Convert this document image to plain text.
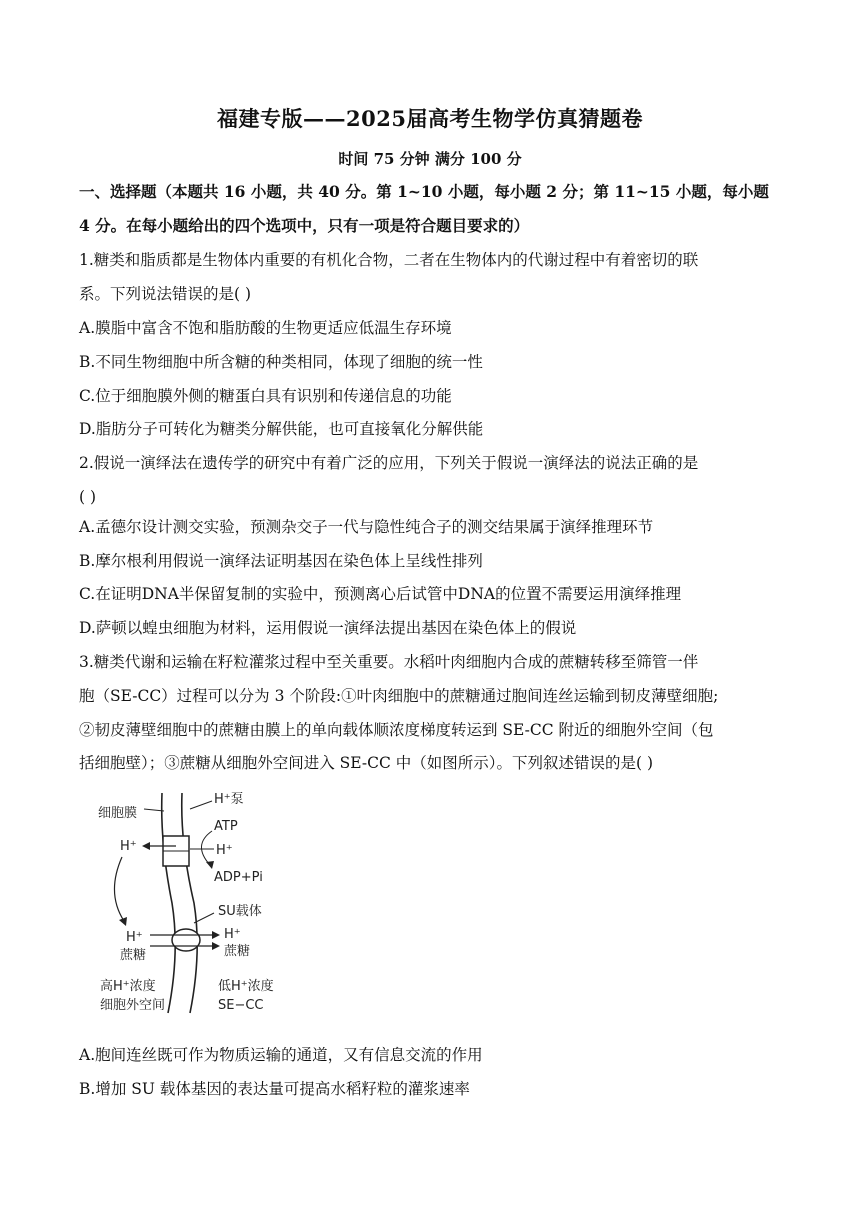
福建专版——2025届高考生物学仿真猜题卷
时间 75 分钟 满分 100 分
一、选择题（本题共 16 小题，共 40 分。第 1~10 小题，每小题 2 分；第 11~15 小题，每小题
4 分。在每小题给出的四个选项中，只有一项是符合题目要求的）
1.糖类和脂质都是生物体内重要的有机化合物，二者在生物体内的代谢过程中有着密切的联
系。下列说法错误的是( )
A.膜脂中富含不饱和脂肪酸的生物更适应低温生存环境
B.不同生物细胞中所含糖的种类相同，体现了细胞的统一性
C.位于细胞膜外侧的糖蛋白具有识别和传递信息的功能
D.脂肪分子可转化为糖类分解供能，也可直接氧化分解供能
2.假说一演绎法在遗传学的研究中有着广泛的应用，下列关于假说一演绎法的说法正确的是
( )
A.孟德尔设计测交实验，预测杂交子一代与隐性纯合子的测交结果属于演绎推理环节
B.摩尔根利用假说一演绎法证明基因在染色体上呈线性排列
C.在证明DNA半保留复制的实验中，预测离心后试管中DNA的位置不需要运用演绎推理
D.萨顿以蝗虫细胞为材料，运用假说一演绎法提出基因在染色体上的假说
3.糖类代谢和运输在籽粒灌浆过程中至关重要。水稻叶肉细胞内合成的蔗糖转移至筛管一伴
胞（SE-CC）过程可以分为 3 个阶段:①叶肉细胞中的蔗糖通过胞间连丝运输到韧皮薄壁细胞;
②韧皮薄壁细胞中的蔗糖由膜上的单向载体顺浓度梯度转运到 SE-CC 附近的细胞外空间（包
括细胞壁）；③蔗糖从细胞外空间进入 SE-CC 中（如图所示）。下列叙述错误的是( )
细胞膜
H⁺泵
ATP
H⁺	H⁺
ADP+Pi
SU载体
H⁺
蔗糖
H⁺
蔗糖
高H⁺浓度
细胞外空间
低H⁺浓度
SE−CC
A.胞间连丝既可作为物质运输的通道，又有信息交流的作用
B.增加 SU 载体基因的表达量可提高水稻籽粒的灌浆速率
